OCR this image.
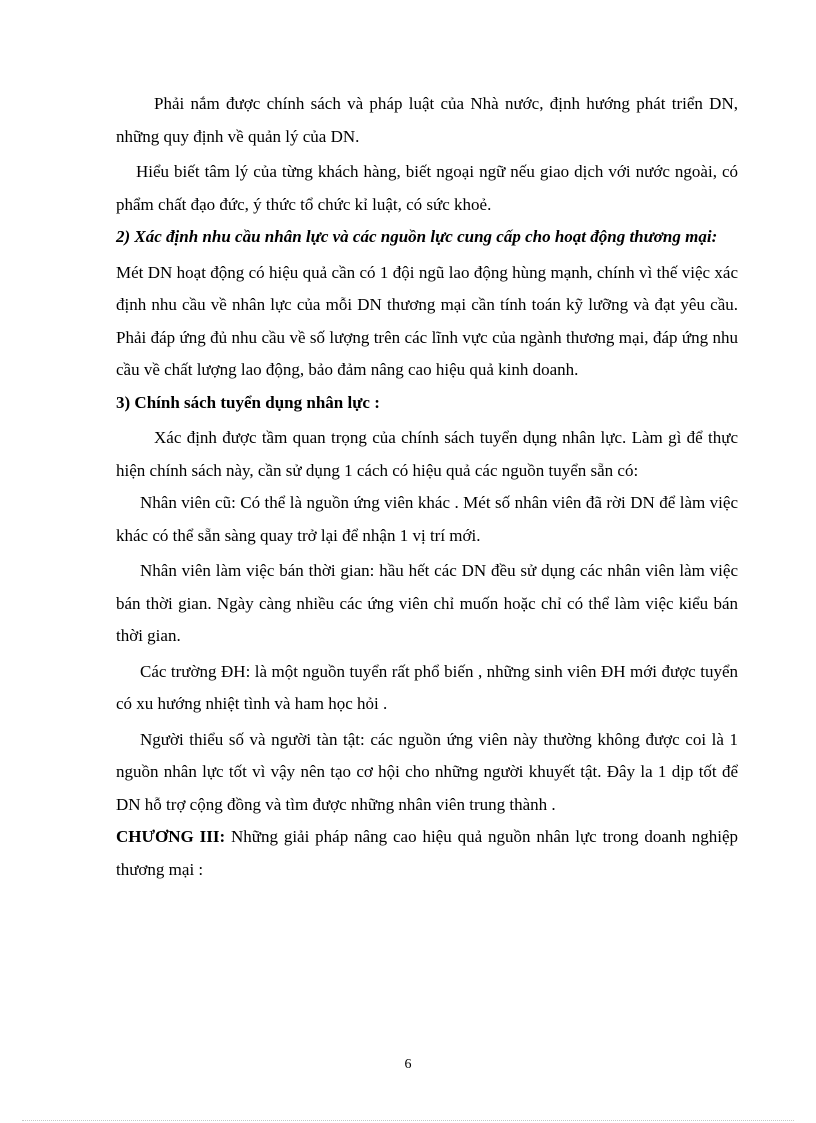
Phải nắm được chính sách và pháp luật của Nhà nước, định hướng phát triển DN, những quy định về quản lý của DN.

Hiểu biết tâm lý của từng khách hàng, biết ngoại ngữ nếu giao dịch với nước ngoài, có phẩm chất đạo đức, ý thức tổ chức kỉ luật, có sức khoẻ.

2) Xác định nhu cầu nhân lực và các nguồn lực cung cấp cho hoạt động thương mại:

Mét DN hoạt động có hiệu quả cần có 1 đội ngũ lao động hùng mạnh, chính vì thế việc xác định nhu cầu về nhân lực của mỗi DN thương mại cần tính toán kỹ lưỡng và đạt yêu cầu. Phải đáp ứng đủ nhu cầu về số lượng trên các lĩnh vực của ngành thương mại, đáp ứng nhu cầu về chất lượng lao động, bảo đảm nâng cao hiệu quả kinh doanh.

3) Chính sách tuyển dụng nhân lực :

Xác định được tầm quan trọng của chính sách tuyển dụng nhân lực. Làm gì để thực hiện chính sách này, cần sử dụng 1 cách có hiệu quả các nguồn tuyển sẵn có:

Nhân viên cũ: Có thể là nguồn ứng viên khác . Mét số nhân viên đã rời DN để làm việc khác có thể sẵn sàng quay trở lại để nhận 1 vị trí mới.

Nhân viên làm việc bán thời gian: hầu hết các DN đều sử dụng các nhân viên làm việc bán thời gian. Ngày càng nhiều các ứng viên chỉ muốn hoặc chỉ có thể làm việc kiểu bán thời gian.

Các trường ĐH: là một nguồn tuyển rất phổ biến , những sinh viên ĐH mới được tuyển có xu hướng nhiệt tình và ham học hỏi .

Người thiểu số và người tàn tật: các nguồn ứng viên này thường không được coi là 1 nguồn nhân lực tốt vì vậy nên tạo cơ hội cho những người khuyết tật. Đây la 1 dịp tốt để DN hỗ trợ cộng đồng và tìm được những nhân viên trung thành .

CHƯƠNG III: Những giải pháp nâng cao hiệu quả nguồn nhân lực trong doanh nghiệp thương mại :

6
